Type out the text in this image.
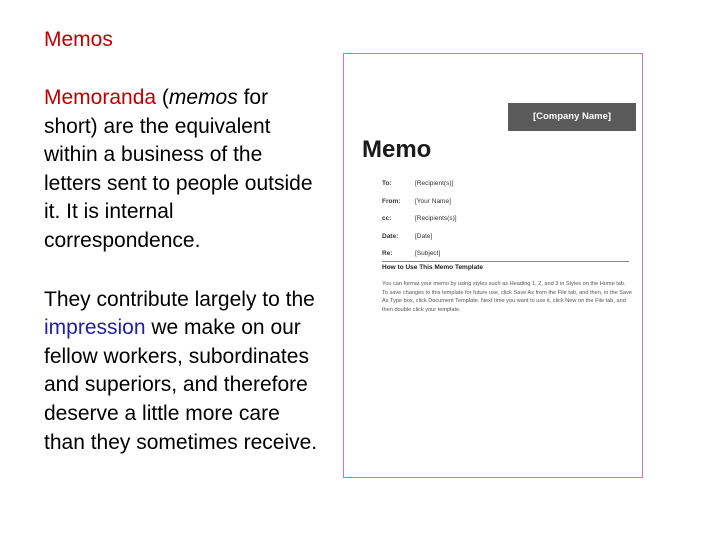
Memos

Memoranda (memos for short) are the equivalent within a business of the letters sent to people outside it. It is internal correspondence.

They contribute largely to the impression we make on our fellow workers, subordinates and superiors, and therefore deserve a little more care than they sometimes receive.

[Company Name]
Memo
To:	[Recipient(s)]
From:	[Your Name]
cc:	[Recipients(s)]
Date:	[Date]
Re:	[Subject]
How to Use This Memo Template
You can format your memo by using styles such as Heading 1, 2, and 3 in Styles on the Home tab. To save changes to this template for future use, click Save As from the File tab, and then, in the Save As Type box, click Document Template. Next time you want to use it, click New on the File tab, and then double click your template.
